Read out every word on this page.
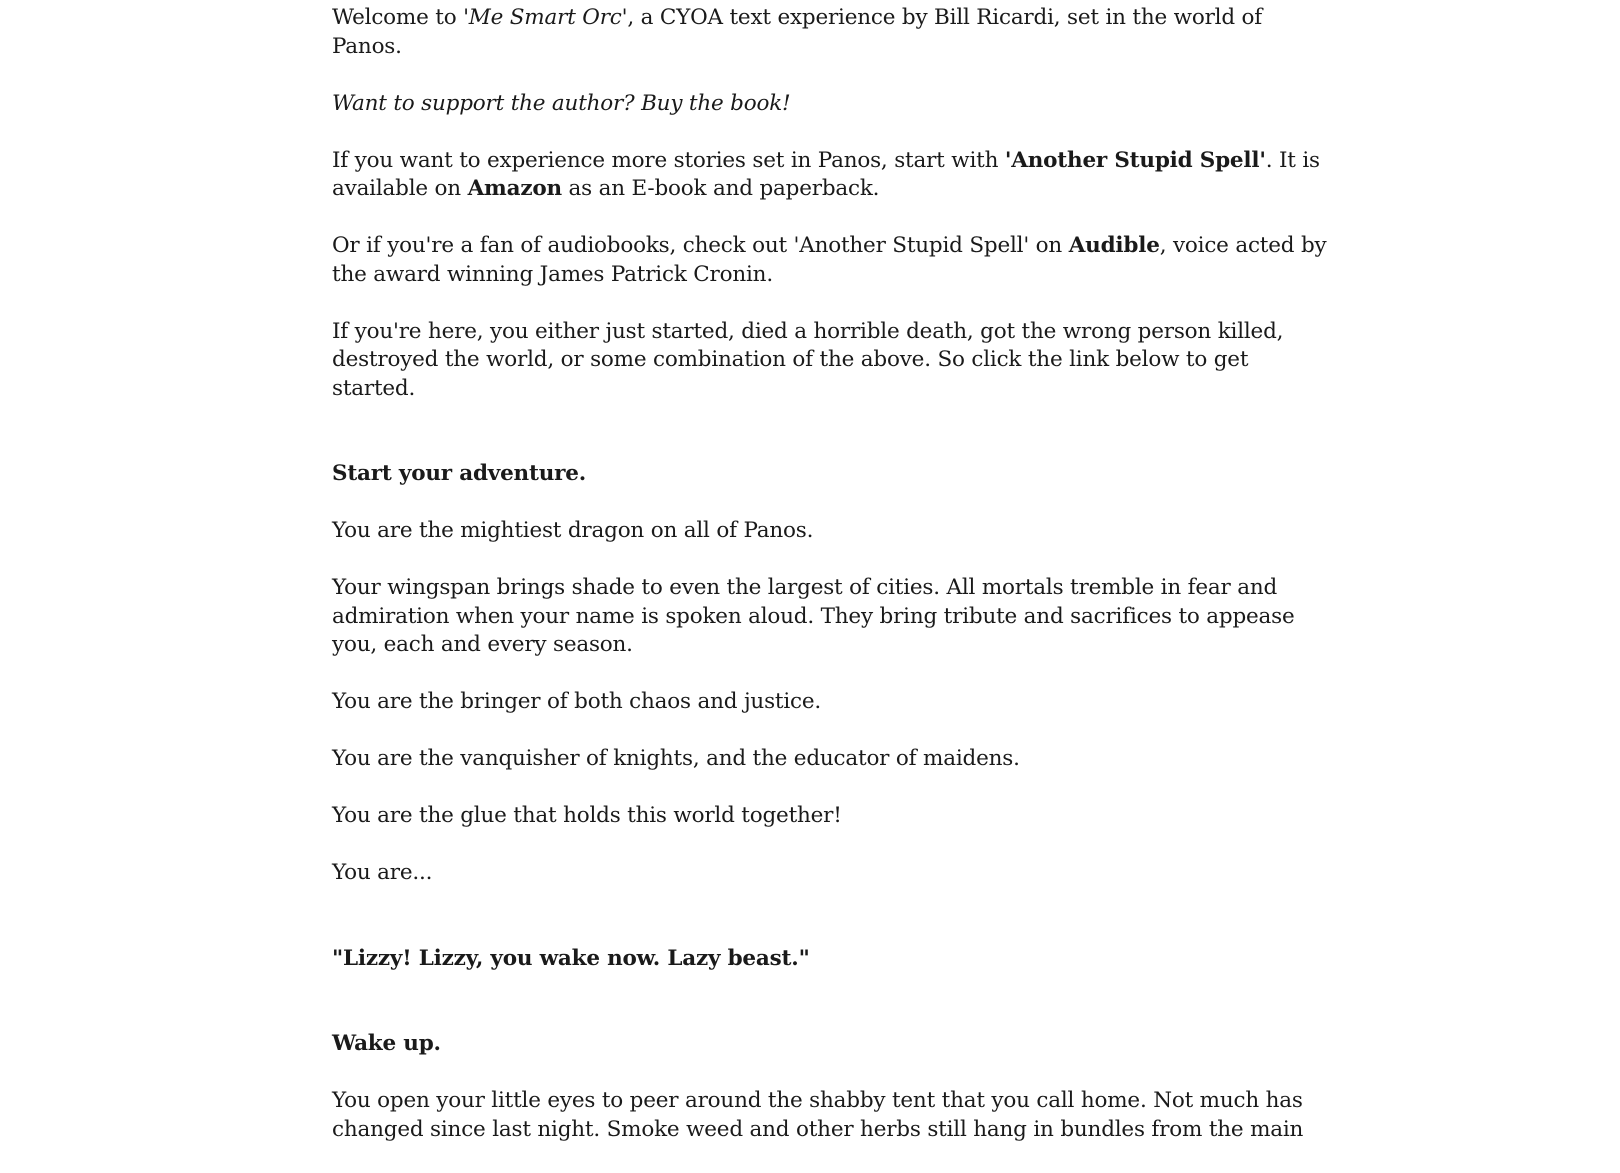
Welcome to 'Me Smart Orc', a CYOA text experience by Bill Ricardi, set in the world of Panos.

Want to support the author? Buy the book!

If you want to experience more stories set in Panos, start with 'Another Stupid Spell'. It is available on Amazon as an E-book and paperback.

Or if you're a fan of audiobooks, check out 'Another Stupid Spell' on Audible, voice acted by the award winning James Patrick Cronin.

If you're here, you either just started, died a horrible death, got the wrong person killed, destroyed the world, or some combination of the above. So click the link below to get started.

Start your adventure.

You are the mightiest dragon on all of Panos.

Your wingspan brings shade to even the largest of cities. All mortals tremble in fear and admiration when your name is spoken aloud. They bring tribute and sacrifices to appease you, each and every season.

You are the bringer of both chaos and justice.

You are the vanquisher of knights, and the educator of maidens.

You are the glue that holds this world together!

You are...

"Lizzy! Lizzy, you wake now. Lazy beast."

Wake up.

You open your little eyes to peer around the shabby tent that you call home. Not much has changed since last night. Smoke weed and other herbs still hang in bundles from the main
